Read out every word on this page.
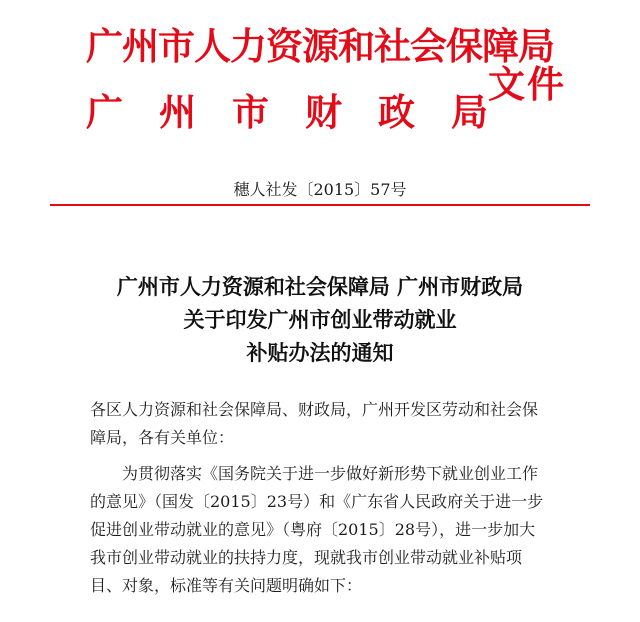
广州市人力资源和社会保障局
广州市财政局
文件
穗人社发〔2015〕57号
广州市人力资源和社会保障局 广州市财政局
关于印发广州市创业带动就业
补贴办法的通知

各区人力资源和社会保障局、财政局，广州开发区劳动和社会保

障局，各有关单位：

为贯彻落实《国务院关于进一步做好新形势下就业创业工作

的意见》（国发〔2015〕23号）和《广东省人民政府关于进一步

促进创业带动就业的意见》（粤府〔2015〕28号），进一步加大

我市创业带动就业的扶持力度，现就我市创业带动就业补贴项

目、对象，标准等有关问题明确如下：
